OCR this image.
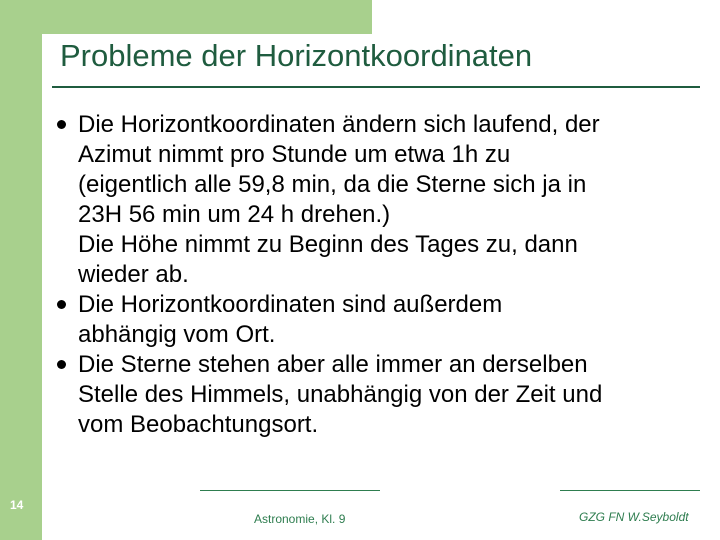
Probleme der Horizontkoordinaten
Die Horizontkoordinaten ändern sich laufend, der
Azimut nimmt pro Stunde um etwa 1h zu
(eigentlich alle 59,8 min, da die Sterne sich ja in
23H 56 min um 24 h drehen.)
Die Höhe nimmt zu Beginn des Tages zu, dann
wieder ab.
Die Horizontkoordinaten sind außerdem
abhängig vom Ort.
Die Sterne stehen aber alle immer an derselben
Stelle des Himmels, unabhängig von der Zeit und
vom Beobachtungsort.
14
Astronomie, Kl. 9	GZG FN W.Seyboldt
